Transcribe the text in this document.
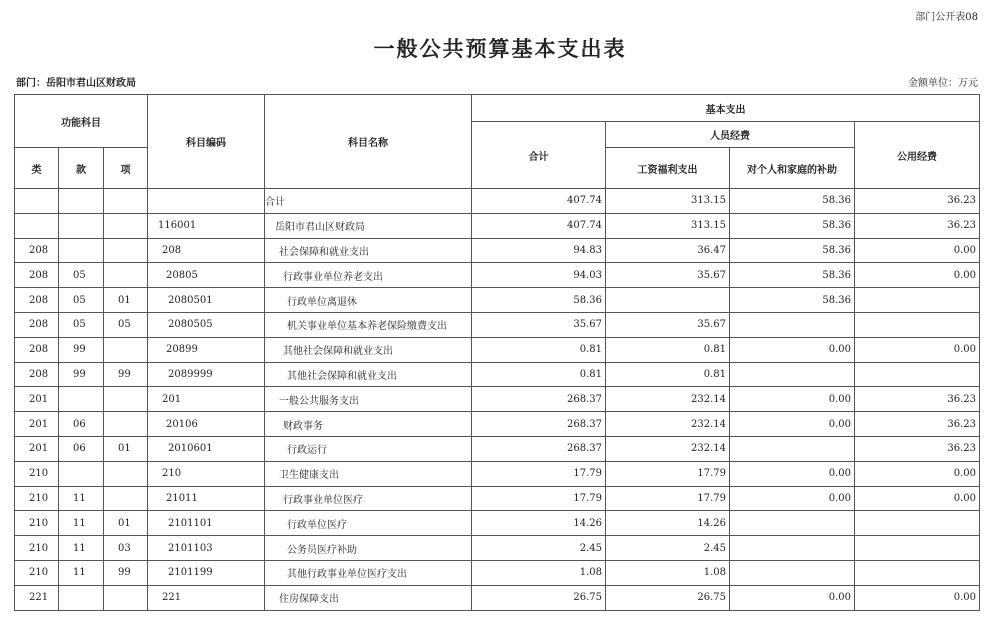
部门公开表08
一般公共预算基本支出表
部门：岳阳市君山区财政局	金额单位：万元
功能科目			科目编码	科目名称	基本支出			
					合计	人员经费		公用经费
类	款	项				工资福利支出	对个人和家庭的补助	
				合计	407.74	313.15	58.36	36.23
			116001	岳阳市君山区财政局	407.74	313.15	58.36	36.23
208			208	社会保障和就业支出	94.83	36.47	58.36	0.00
208	05		20805	行政事业单位养老支出	94.03	35.67	58.36	0.00
208	05	01	2080501	行政单位离退休	58.36		58.36	
208	05	05	2080505	机关事业单位基本养老保险缴费支出	35.67	35.67		
208	99		20899	其他社会保障和就业支出	0.81	0.81	0.00	0.00
208	99	99	2089999	其他社会保障和就业支出	0.81	0.81		
201			201	一般公共服务支出	268.37	232.14	0.00	36.23
201	06		20106	财政事务	268.37	232.14	0.00	36.23
201	06	01	2010601	行政运行	268.37	232.14		36.23
210			210	卫生健康支出	17.79	17.79	0.00	0.00
210	11		21011	行政事业单位医疗	17.79	17.79	0.00	0.00
210	11	01	2101101	行政单位医疗	14.26	14.26		
210	11	03	2101103	公务员医疗补助	2.45	2.45		
210	11	99	2101199	其他行政事业单位医疗支出	1.08	1.08		
221			221	住房保障支出	26.75	26.75	0.00	0.00
